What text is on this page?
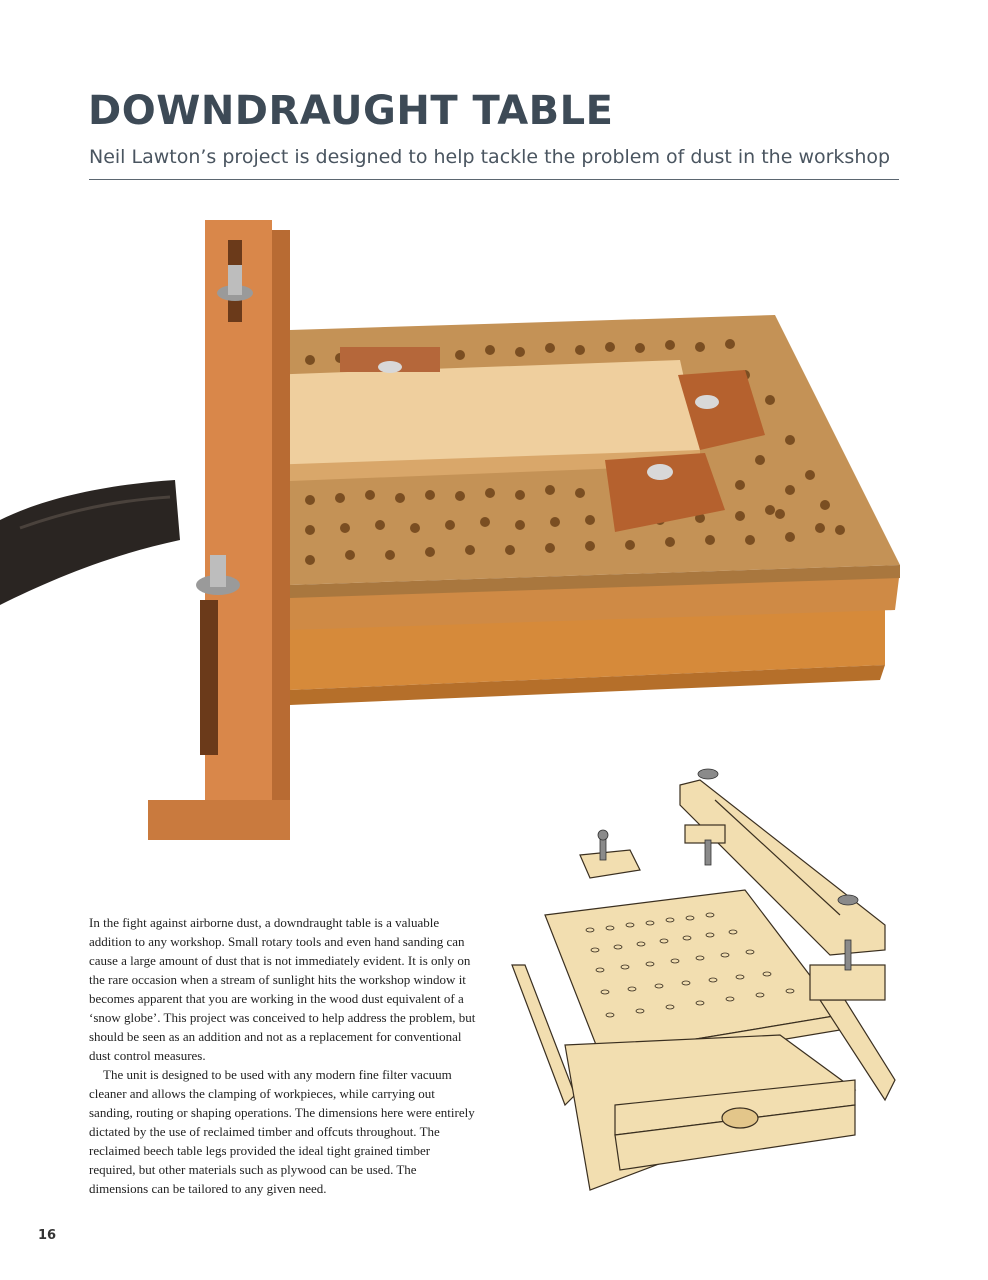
DOWNDRAUGHT TABLE

Neil Lawton’s project is designed to help tackle the problem of dust in the workshop

In the fight against airborne dust, a downdraught table is a valuable addition to any workshop. Small rotary tools and even hand sanding can cause a large amount of dust that is not immediately evident. It is only on the rare occasion when a stream of sunlight hits the workshop window it becomes apparent that you are working in the wood dust equivalent of a ‘snow globe’. This project was conceived to help address the problem, but should be seen as an addition and not as a replacement for conventional dust control measures.

The unit is designed to be used with any modern fine filter vacuum cleaner and allows the clamping of workpieces, while carrying out sanding, routing or shaping operations. The dimensions here were entirely dictated by the use of reclaimed timber and offcuts throughout. The reclaimed beech table legs provided the ideal tight grained timber required, but other materials such as plywood can be used. The dimensions can be tailored to any given need.

16
